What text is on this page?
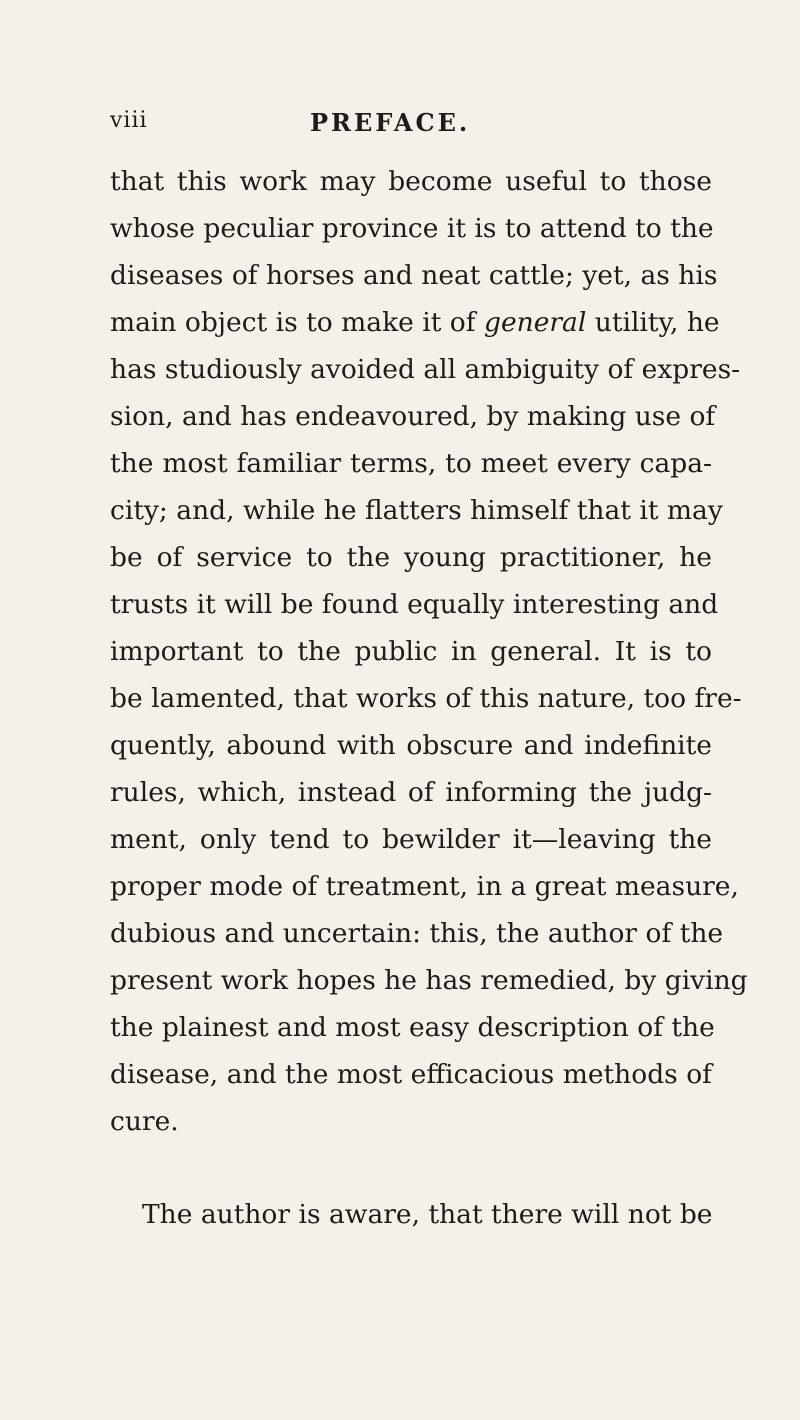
viii	PREFACE.
that this work may become useful to those
whose peculiar province it is to attend to the
diseases of horses and neat cattle; yet, as his
main object is to make it of general utility, he
has studiously avoided all ambiguity of expres-
sion, and has endeavoured, by making use of
the most familiar terms, to meet every capa-
city; and, while he flatters himself that it may
be of service to the young practitioner, he
trusts it will be found equally interesting and
important to the public in general. It is to
be lamented, that works of this nature, too fre-
quently, abound with obscure and indefinite
rules, which, instead of informing the judg-
ment, only tend to bewilder it—leaving the
proper mode of treatment, in a great measure,
dubious and uncertain: this, the author of the
present work hopes he has remedied, by giving
the plainest and most easy description of the
disease, and the most efficacious methods of
cure.
The author is aware, that there will not be
